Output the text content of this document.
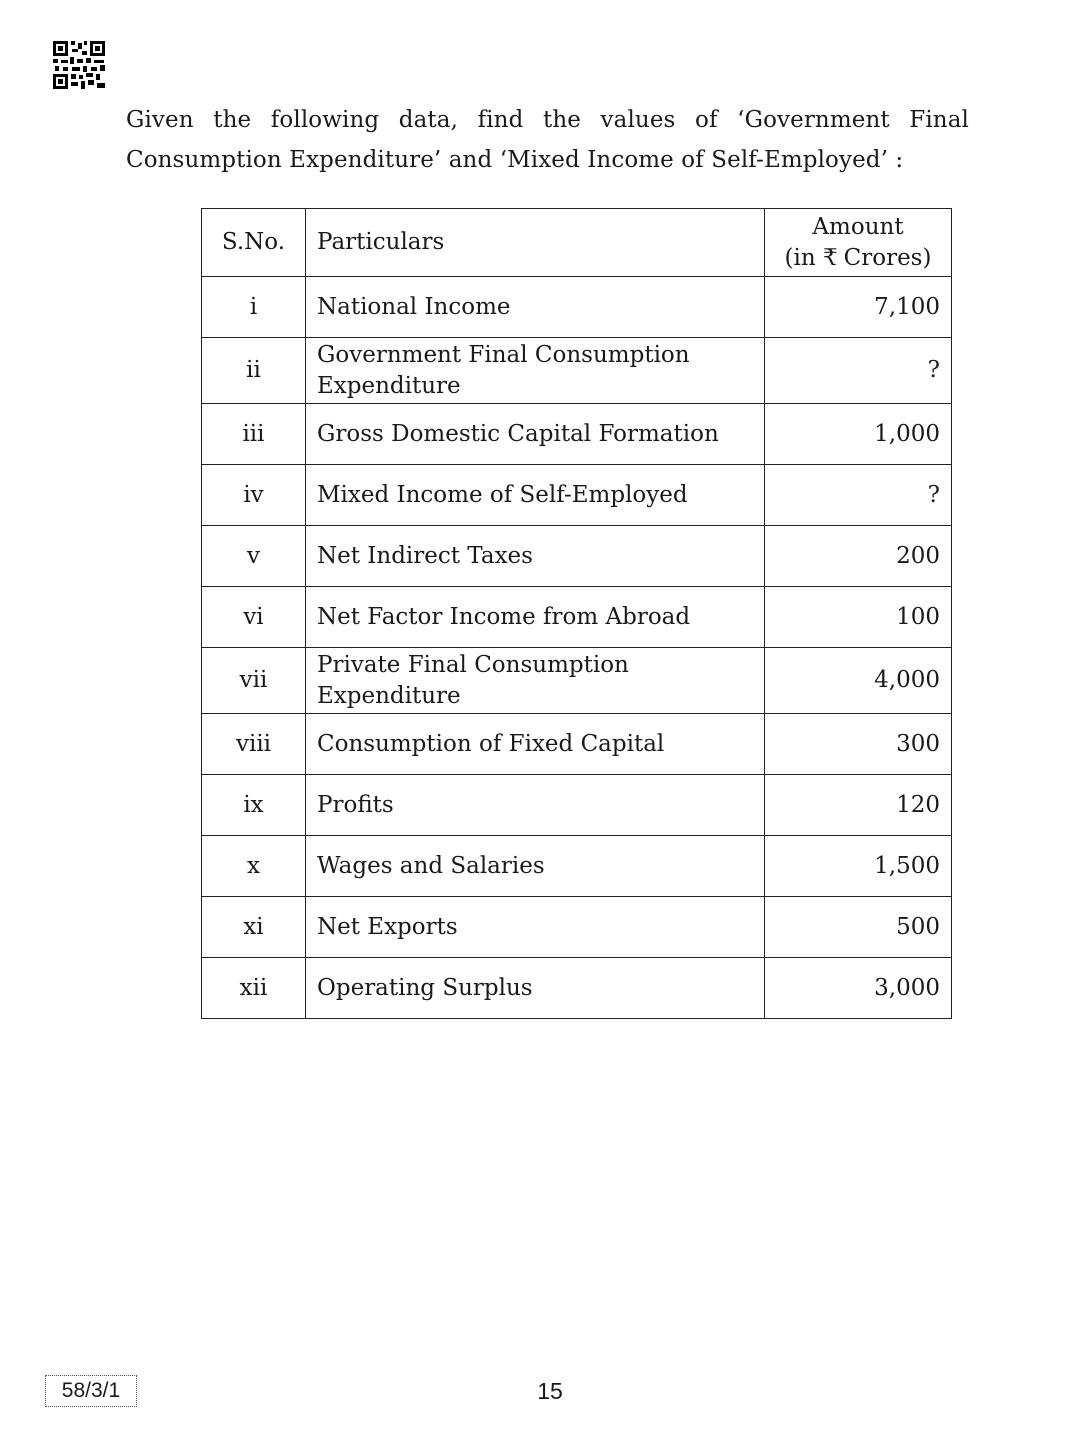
Given the following data, find the values of ‘Government Final
Consumption Expenditure’ and ‘Mixed Income of Self-Employed’ :
S.No.	Particulars	Amount
(in ₹ Crores)
i	National Income	7,100
ii	Government Final Consumption Expenditure	?
iii	Gross Domestic Capital Formation	1,000
iv	Mixed Income of Self-Employed	?
v	Net Indirect Taxes	200
vi	Net Factor Income from Abroad	100
vii	Private Final Consumption Expenditure	4,000
viii	Consumption of Fixed Capital	300
ix	Profits	120
x	Wages and Salaries	1,500
xi	Net Exports	500
xii	Operating Surplus	3,000
58/3/1	15
